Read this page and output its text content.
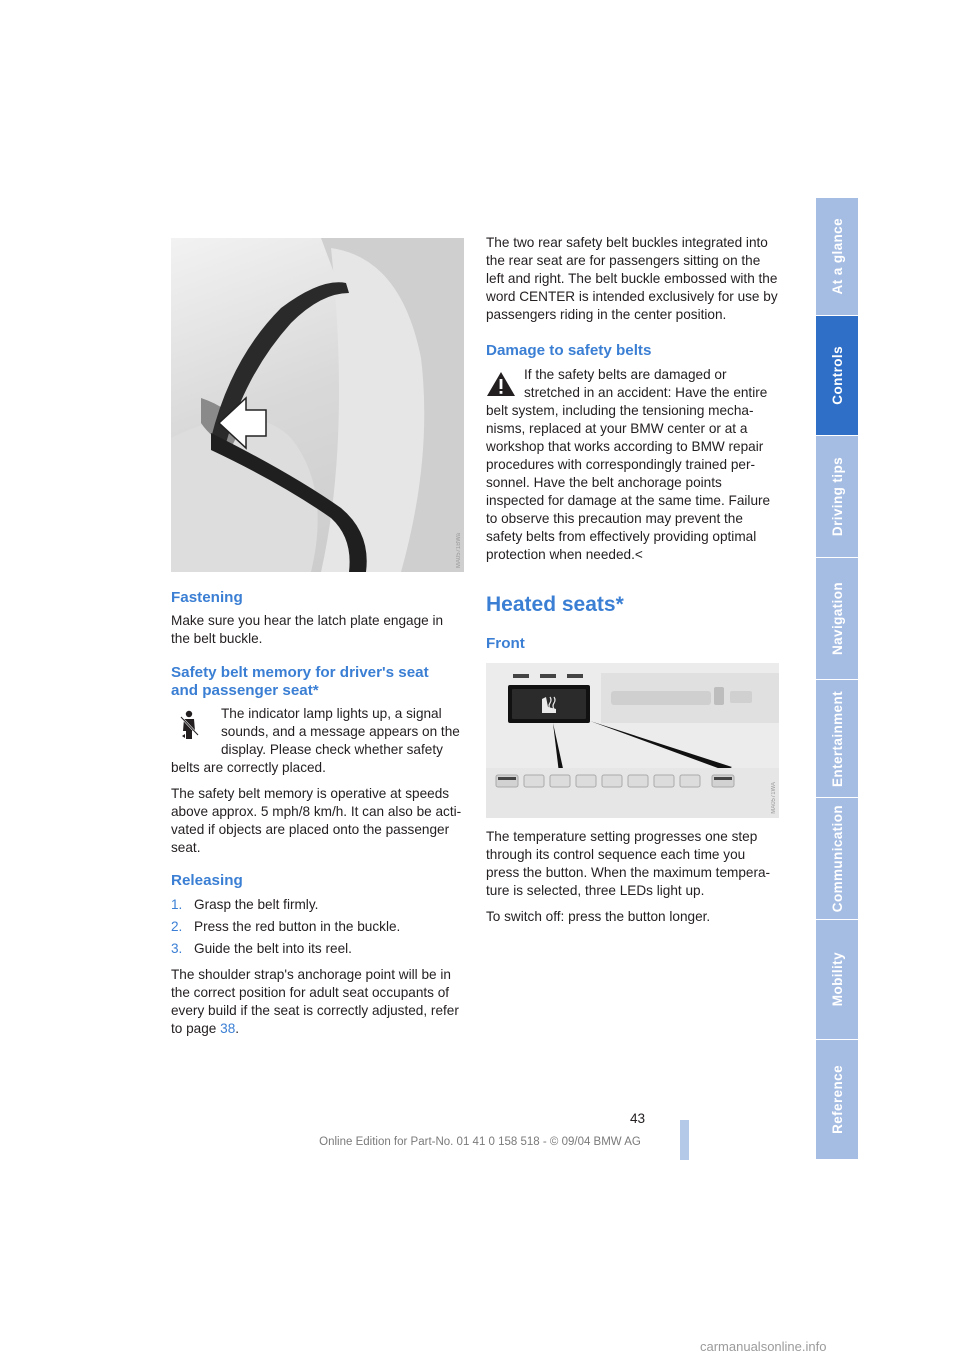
MA0571BWa
Fastening

Make sure you hear the latch plate engage in the belt buckle.

Safety belt memory for driver's seat
and passenger seat*

The indicator lamp lights up, a signal sounds, and a message appears on the display. Please check whether safety belts are correctly placed.

The safety belt memory is operative at speeds above approx. 5 mph/8 km/h. It can also be acti-vated if objects are placed onto the passenger seat.

Releasing
1. Grasp the belt firmly.
2. Press the red button in the buckle.
3. Guide the belt into its reel.

The shoulder strap's anchorage point will be in the correct position for adult seat occupants of every build if the seat is correctly adjusted, refer to page 38.

The two rear safety belt buckles integrated into the rear seat are for passengers sitting on the left and right. The belt buckle embossed with the word CENTER is intended exclusively for use by passengers riding in the center position.

Damage to safety belts

If the safety belts are damaged or stretched in an accident: Have the entire belt system, including the tensioning mecha-nisms, replaced at your BMW center or at a workshop that works according to BMW repair procedures with correspondingly trained per-sonnel. Have the belt anchorage points inspected for damage at the same time. Failure to observe this precaution may prevent the safety belts from effectively providing optimal protection when needed.<

Heated seats*
Front
MA0571WA

The temperature setting progresses one step through its control sequence each time you press the button. When the maximum tempera-ture is selected, three LEDs light up.

To switch off: press the button longer.

At a glance
Controls
Driving tips
Navigation
Entertainment
Communication
Mobility
Reference
43
Online Edition for Part-No. 01 41 0 158 518 - © 09/04 BMW AG
carmanualsonline.info
